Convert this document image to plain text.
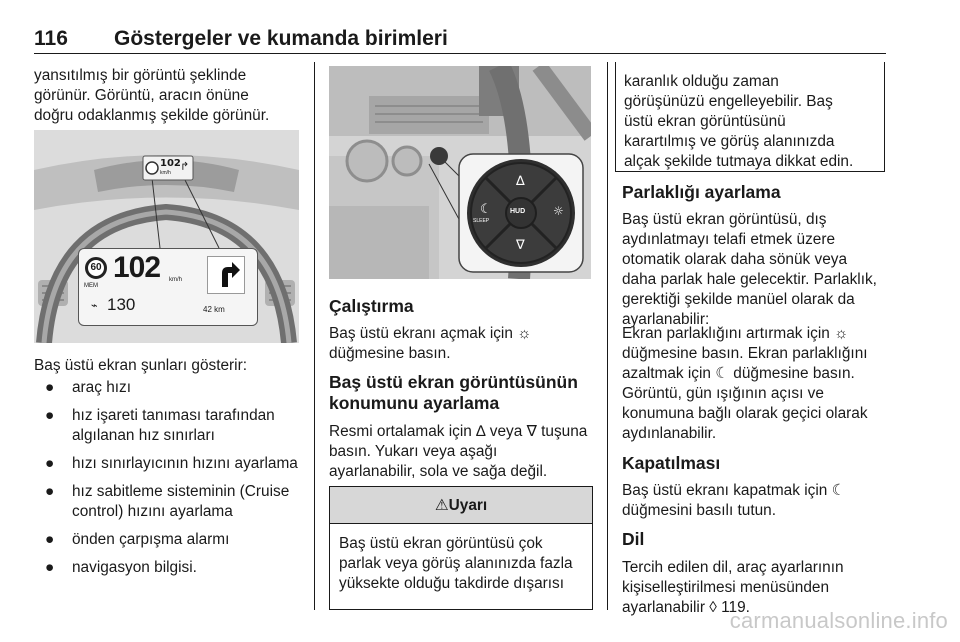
116 Göstergeler ve kumanda birimleri

yansıtılmış bir görüntü şeklinde

görünür. Görüntü, aracın önüne

doğru odaklanmış şekilde görünür.

102
km/h ↱
60
MEM
102 km/h
⌁ 130	42 km

Baş üstü ekran şunları gösterir:

● araç hızı
● hız işareti tanıması tarafından
algılanan hız sınırları
● hızı sınırlayıcının hızını ayarlama
● hız sabitleme sisteminin (Cruise
control) hızını ayarlama
● önden çarpışma alarmı
● navigasyon bilgisi.
∆
∇
☾
SLEEP
☼
HUD
Çalıştırma

Baş üstü ekranı açmak için ☼

düğmesine basın.

Baş üstü ekran görüntüsünün
konumunu ayarlama

Resmi ortalamak için ∆ veya ∇ tuşuna

basın. Yukarı veya aşağı

ayarlanabilir, sola ve sağa değil.

⚠Uyarı

Baş üstü ekran görüntüsü çok

parlak veya görüş alanınızda fazla

yüksekte olduğu takdirde dışarısı

karanlık olduğu zaman

görüşünüzü engelleyebilir. Baş

üstü ekran görüntüsünü

karartılmış ve görüş alanınızda

alçak şekilde tutmaya dikkat edin.

Parlaklığı ayarlama

Baş üstü ekran görüntüsü, dış

aydınlatmayı telafi etmek üzere

otomatik olarak daha sönük veya

daha parlak hale gelecektir. Parlaklık,

gerektiği şekilde manüel olarak da

ayarlanabilir:

Ekran parlaklığını artırmak için ☼

düğmesine basın. Ekran parlaklığını

azaltmak için ☾ düğmesine basın.

Görüntü, gün ışığının açısı ve

konumuna bağlı olarak geçici olarak

aydınlanabilir.

Kapatılması

Baş üstü ekranı kapatmak için ☾

düğmesini basılı tutun.

Dil

Tercih edilen dil, araç ayarlarının

kişiselleştirilmesi menüsünden

ayarlanabilir ◊ 119.

carmanualsonline.info
